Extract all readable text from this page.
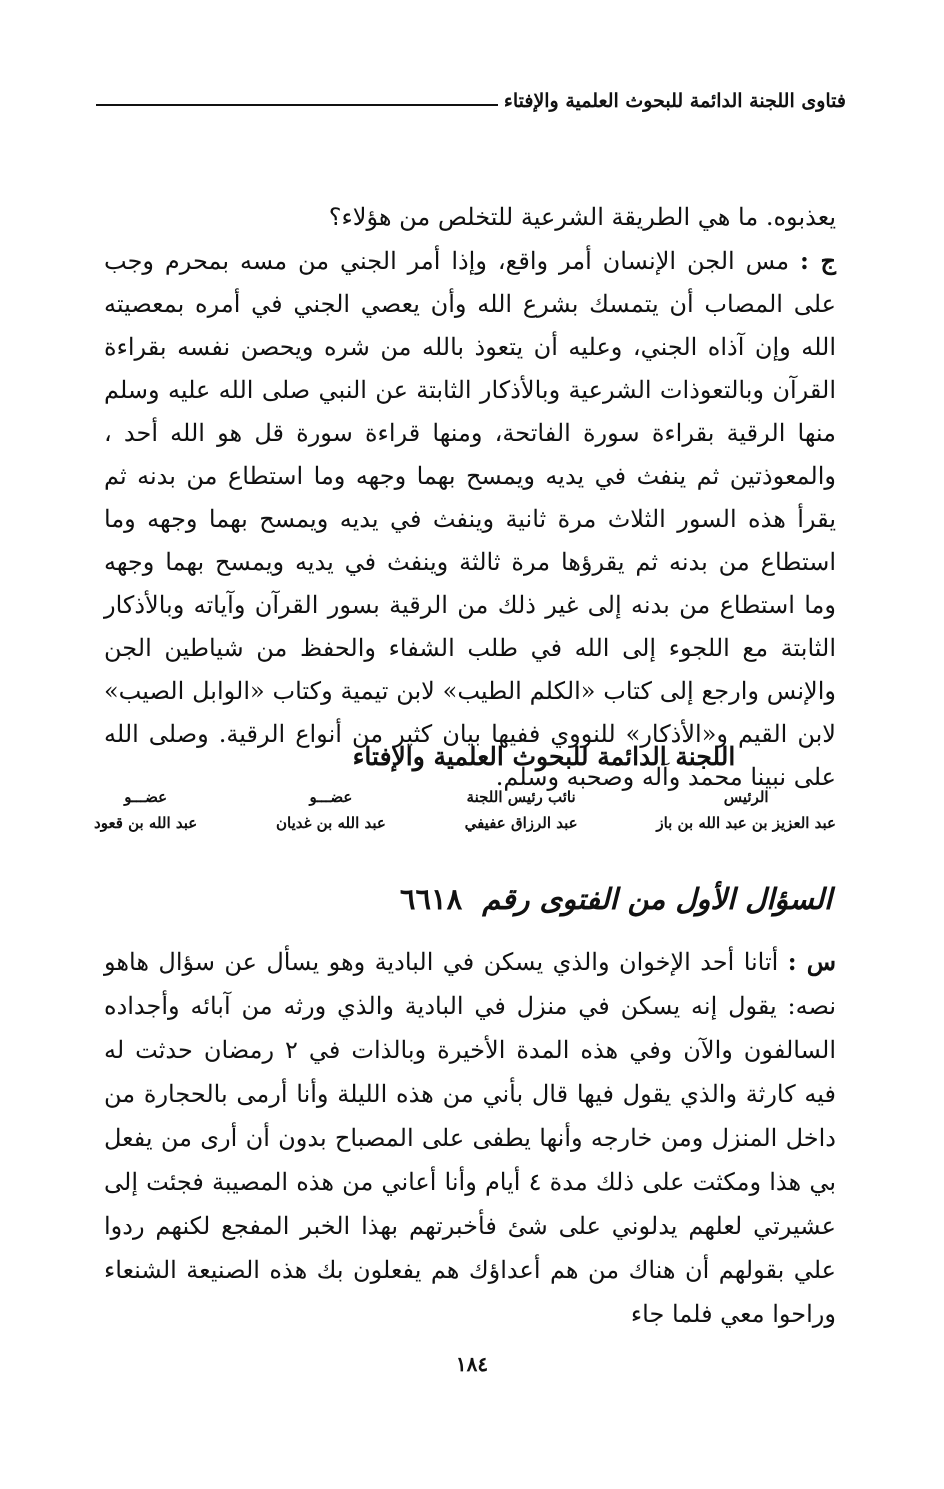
فتاوى اللجنة الدائمة للبحوث العلمية والإفتاء

يعذبوه. ما هي الطريقة الشرعية للتخلص من هؤلاء؟

ج : مس الجن الإنسان أمر واقع، وإذا أمر الجني من مسه بمحرم وجب على المصاب أن يتمسك بشرع الله وأن يعصي الجني في أمره بمعصيته الله وإن آذاه الجني، وعليه أن يتعوذ بالله من شره ويحصن نفسه بقراءة القرآن وبالتعوذات الشرعية وبالأذكار الثابتة عن النبي صلى الله عليه وسلم منها الرقية بقراءة سورة الفاتحة، ومنها قراءة سورة قل هو الله أحد ، والمعوذتين ثم ينفث في يديه ويمسح بهما وجهه وما استطاع من بدنه ثم يقرأ هذه السور الثلاث مرة ثانية وينفث في يديه ويمسح بهما وجهه وما استطاع من بدنه ثم يقرؤها مرة ثالثة وينفث في يديه ويمسح بهما وجهه وما استطاع من بدنه إلى غير ذلك من الرقية بسور القرآن وآياته وبالأذكار الثابتة مع اللجوء إلى الله في طلب الشفاء والحفظ من شياطين الجن والإنس وارجع إلى كتاب «الكلم الطيب» لابن تيمية وكتاب «الوابل الصيب» لابن القيم و«الأذكار» للنووي ففيها بيان كثير من أنواع الرقية. وصلى الله على نبينا محمد وآله وصحبه وسلم.

اللجنة الدائمة للبحوث العلمية والإفتاء
الرئيس
عبد العزيز بن عبد الله بن باز
نائب رئيس اللجنة
عبد الرزاق عفيفي
عضـــو
عبد الله بن غديان
عضـــو
عبد الله بن قعود
السؤال الأول من الفتوى رقم ٦٦١٨

س : أتانا أحد الإخوان والذي يسكن في البادية وهو يسأل عن سؤال هاهو نصه: يقول إنه يسكن في منزل في البادية والذي ورثه من آبائه وأجداده السالفون والآن وفي هذه المدة الأخيرة وبالذات في ٢ رمضان حدثت له فيه كارثة والذي يقول فيها قال بأني من هذه الليلة وأنا أرمى بالحجارة من داخل المنزل ومن خارجه وأنها يطفى على المصباح بدون أن أرى من يفعل بي هذا ومكثت على ذلك مدة ٤ أيام وأنا أعاني من هذه المصيبة فجئت إلى عشيرتي لعلهم يدلوني على شئ فأخبرتهم بهذا الخبر المفجع لكنهم ردوا علي بقولهم أن هناك من هم أعداؤك هم يفعلون بك هذه الصنيعة الشنعاء وراحوا معي فلما جاء

١٨٤
